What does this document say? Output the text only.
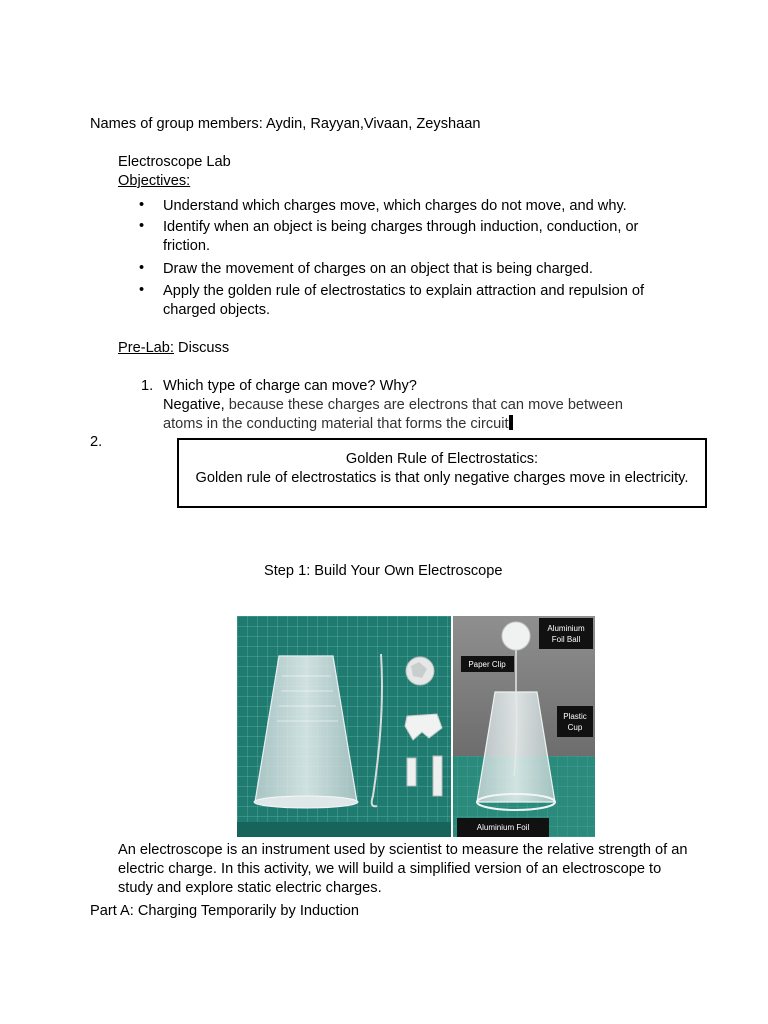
Names of group members: Aydin, Rayyan,Vivaan, Zeyshaan
Electroscope Lab
Objectives:
• Understand which charges move, which charges do not move, and why.
• Identify when an object is being charges through induction, conduction, or friction.
• Draw the movement of charges on an object that is being charged.
• Apply the golden rule of electrostatics to explain attraction and repulsion of charged objects.
Pre-Lab: Discuss
1. Which type of charge can move? Why?
Negative, because these charges are electrons that can move between atoms in the conducting material that forms the circuit
2.
Golden Rule of Electrostatics:
Golden rule of electrostatics is that only negative charges move in electricity.
Step 1: Build Your Own Electroscope
Aluminium
Foil Ball
Paper Clip
Plastic
Cup
Aluminium Foil
An electroscope is an instrument used by scientist to measure the relative strength of an electric charge. In this activity, we will build a simplified version of an electroscope to study and explore static electric charges.
Part A: Charging Temporarily by Induction
